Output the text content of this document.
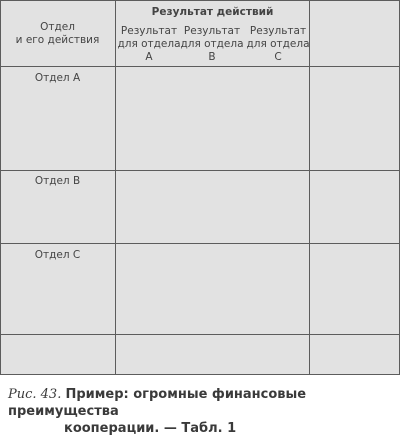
Отдел
и его действия
Результат действий
Результат
для отдела
A
Результат
для отдела
B
Результат
для отдела
C
Отдел A
Отдел B
Отдел C
Рис. 43. Пример: огромные финансовые преимущества
кооперации. — Табл. 1
